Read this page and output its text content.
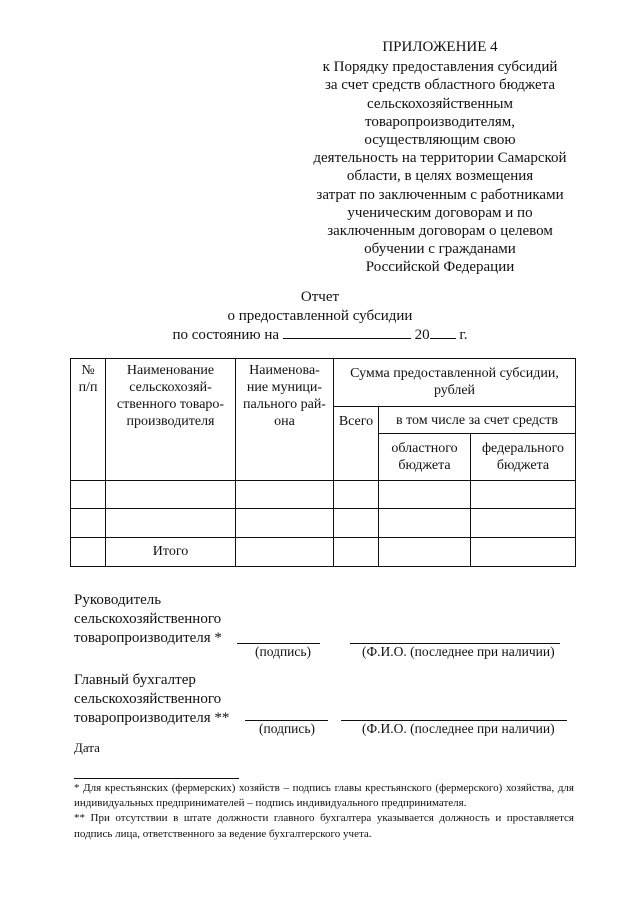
ПРИЛОЖЕНИЕ 4
к Порядку предоставления субсидий
за счет средств областного бюджета
сельскохозяйственным
товаропроизводителям,
осуществляющим свою
деятельность на территории Самарской
области, в целях возмещения
затрат по заключенным с работниками
ученическим договорам и по
заключенным договорам о целевом
обучении с гражданами
Российской Федерации
Отчет
о предоставленной субсидии
по состоянию на	20 г.
№ п/п	Наименование сельскохозяй-ственного товаро-производителя	Наименова-ние муници-пального рай-она	Сумма предоставленной субсидии, рублей		
			Всего	в том числе за счет средств	
				областного бюджета	федерального бюджета

	Итого				
Руководитель
сельскохозяйственного
товаропроизводителя *
(подпись)	(Ф.И.О. (последнее при наличии)
Главный бухгалтер
сельскохозяйственного
товаропроизводителя **
(подпись)	(Ф.И.О. (последнее при наличии)
Дата

* Для крестьянских (фермерских) хозяйств – подпись главы крестьянского (фермерского) хозяйства, для индивидуальных предпринимателей – подпись индивидуального предпринимателя.

** При отсутствии в штате должности главного бухгалтера указывается должность и проставляется подпись лица, ответственного за ведение бухгалтерского учета.
